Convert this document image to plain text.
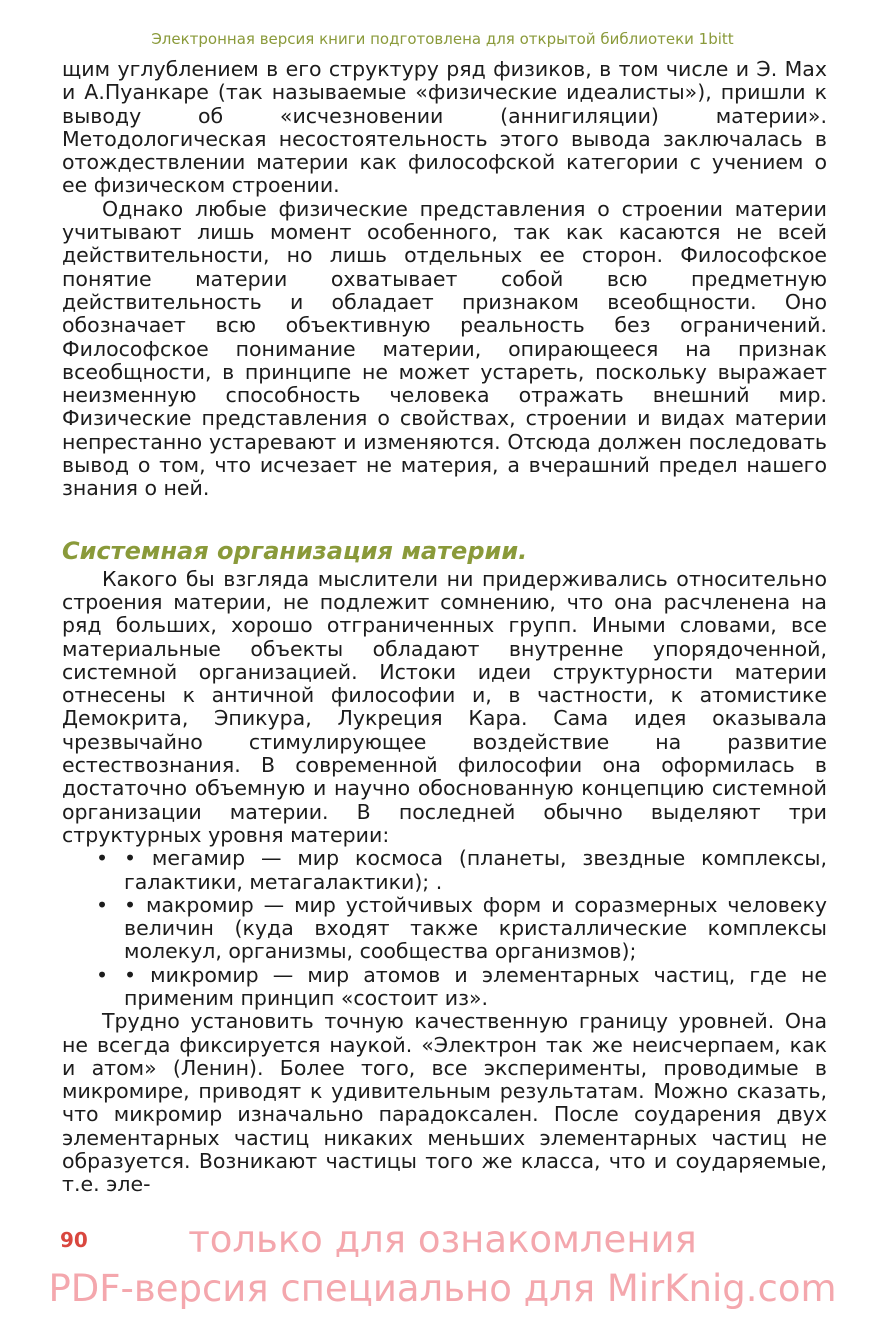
Электронная версия книги подготовлена для открытой библиотеки 1bitt

щим углублением в его структуру ряд физиков, в том числе и Э. Мах и А.Пуанкаре (так называемые «физические идеалисты»), пришли к выводу об «исчезновении (аннигиляции) материи». Методологическая несостоятельность этого вывода заключалась в отождествлении материи как философской категории с учением о ее физическом строении.

Однако любые физические представления о строении материи учитывают лишь момент особенного, так как касаются не всей действительности, но лишь отдельных ее сторон. Философское понятие материи охватывает собой всю предметную действительность и обладает признаком всеобщности. Оно обозначает всю объективную реальность без ограничений. Философское понимание материи, опирающееся на признак всеобщности, в принципе не может устареть, поскольку выражает неизменную способность человека отражать внешний мир. Физические представления о свойствах, строении и видах материи непрестанно устаревают и изменяются. Отсюда должен последовать вывод о том, что исчезает не материя, а вчерашний предел нашего знания о ней.

Системная организация материи.

Какого бы взгляда мыслители ни придерживались относительно строения материи, не подлежит сомнению, что она расчленена на ряд больших, хорошо отграниченных групп. Иными словами, все материальные объекты обладают внутренне упорядоченной, системной организацией. Истоки идеи структурности материи отнесены к античной философии и, в частности, к атомистике Демокрита, Эпикура, Лукреция Кара. Сама идея оказывала чрезвычайно стимулирующее воздействие на развитие естествознания. В современной философии она оформилась в достаточно объемную и научно обоснованную концепцию системной организации материи. В последней обычно выделяют три структурных уровня материи:

• • мегамир — мир космоса (планеты, звездные комплексы, галактики, метагалактики); .
• • макромир — мир устойчивых форм и соразмерных человеку величин (куда входят также кристаллические комплексы молекул, организмы, сообщества организмов);
• • микромир — мир атомов и элементарных частиц, где не применим принцип «состоит из».

Трудно установить точную качественную границу уровней. Она не всегда фиксируется наукой. «Электрон так же неисчерпаем, как и атом» (Ленин). Более того, все эксперименты, проводимые в микромире, приводят к удивительным результатам. Можно сказать, что микромир изначально парадоксален. После соударения двух элементарных частиц никаких меньших элементарных частиц не образуется. Возникают частицы того же класса, что и соударяемые, т.е. эле-

90	только для ознакомления
PDF-версия специально для MirKnig.com
